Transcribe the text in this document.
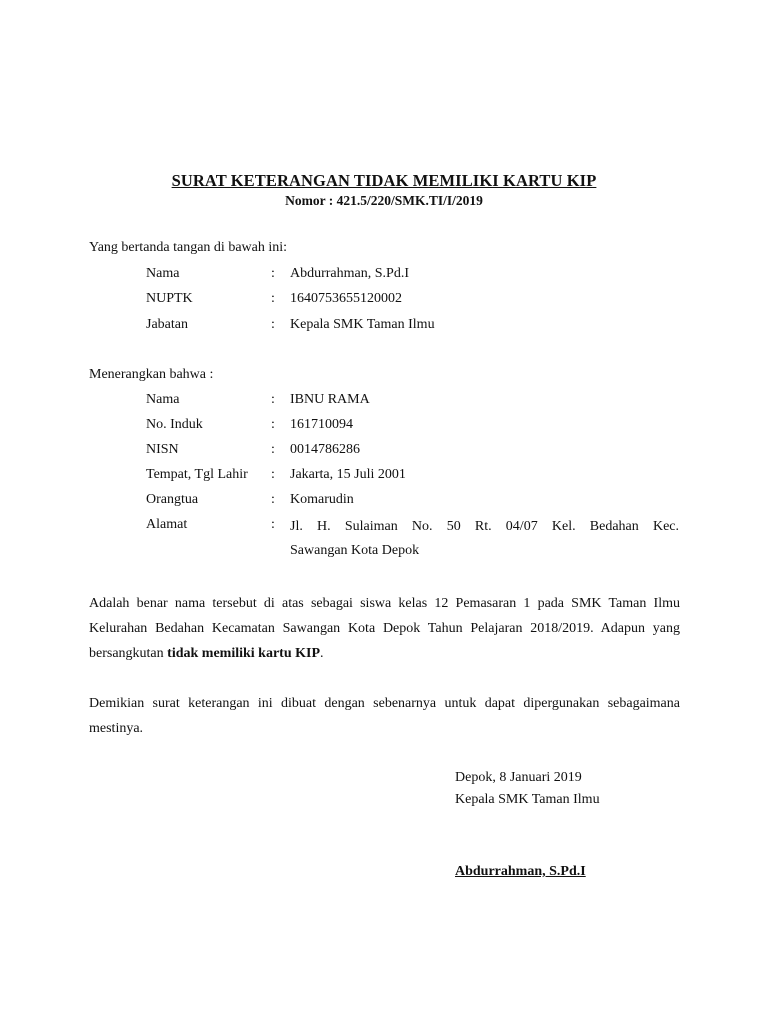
SURAT KETERANGAN TIDAK MEMILIKI KARTU KIP
Nomor : 421.5/220/SMK.TI/I/2019
Yang bertanda tangan di bawah ini:
Nama	: Abdurrahman, S.Pd.I
NUPTK	: 1640753655120002
Jabatan	: Kepala SMK Taman Ilmu
Menerangkan bahwa :
Nama	: IBNU RAMA
No. Induk	: 161710094
NISN	: 0014786286
Tempat, Tgl Lahir : Jakarta, 15 Juli 2001
Orangtua	: Komarudin
Alamat	: Jl. H. Sulaiman No. 50 Rt. 04/07 Kel. Bedahan Kec.
Sawangan Kota Depok
Adalah benar nama tersebut di atas sebagai siswa kelas 12 Pemasaran 1 pada SMK Taman Ilmu Kelurahan Bedahan Kecamatan Sawangan Kota Depok Tahun Pelajaran 2018/2019. Adapun yang bersangkutan tidak memiliki kartu KIP.
Demikian surat keterangan ini dibuat dengan sebenarnya untuk dapat dipergunakan sebagaimana mestinya.
Depok, 8 Januari 2019
Kepala SMK Taman Ilmu
Abdurrahman, S.Pd.I
